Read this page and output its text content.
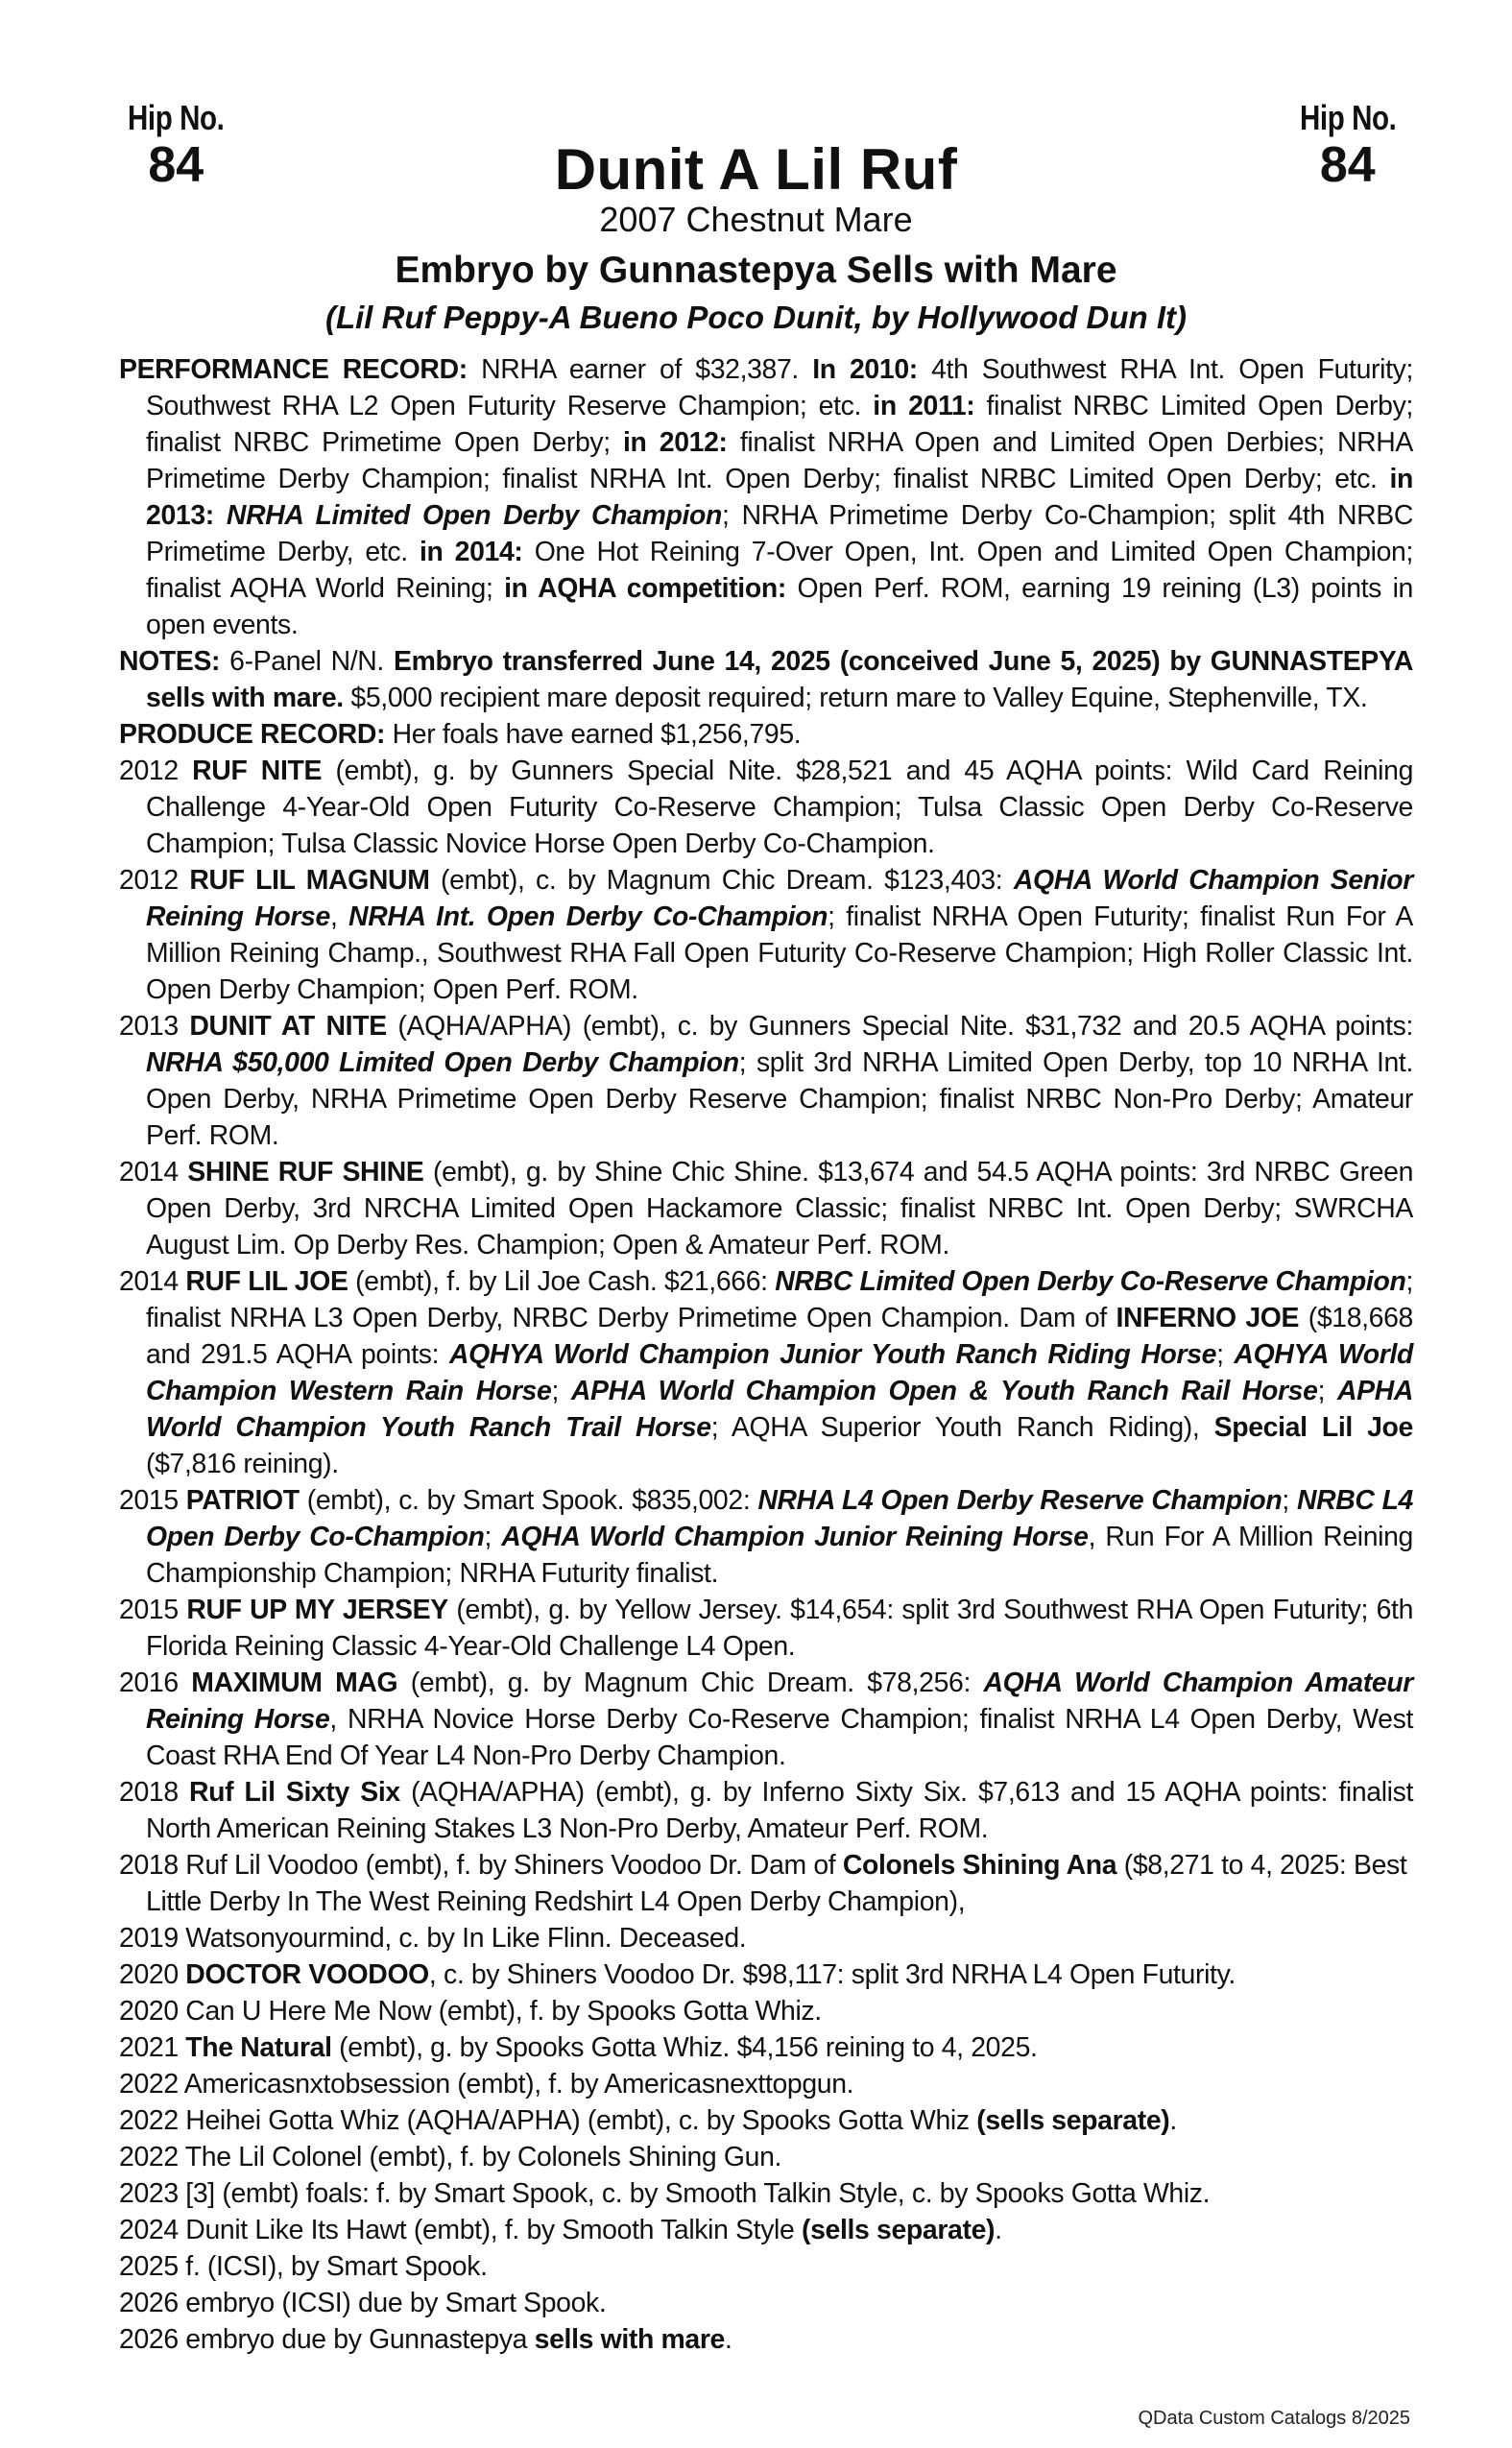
Hip No.
84
Hip No.
84
Dunit A Lil Ruf
2007 Chestnut Mare
Embryo by Gunnastepya Sells with Mare
(Lil Ruf Peppy-A Bueno Poco Dunit, by Hollywood Dun It)

PERFORMANCE RECORD: NRHA earner of $32,387. In 2010: 4th Southwest RHA Int. Open Futurity; Southwest RHA L2 Open Futurity Reserve Champion; etc. in 2011: finalist NRBC Limited Open Derby; finalist NRBC Primetime Open Derby; in 2012: finalist NRHA Open and Limited Open Derbies; NRHA Primetime Derby Champion; finalist NRHA Int. Open Derby; finalist NRBC Limited Open Derby; etc. in 2013: NRHA Limited Open Derby Champion; NRHA Primetime Derby Co-Champion; split 4th NRBC Primetime Derby, etc. in 2014: One Hot Reining 7-Over Open, Int. Open and Limited Open Champion; finalist AQHA World Reining; in AQHA competition: Open Perf. ROM, earning 19 reining (L3) points in open events.

NOTES: 6-Panel N/N. Embryo transferred June 14, 2025 (conceived June 5, 2025) by GUNNASTEPYA sells with mare. $5,000 recipient mare deposit required; return mare to Valley Equine, Stephenville, TX.

PRODUCE RECORD: Her foals have earned $1,256,795.

2012 RUF NITE (embt), g. by Gunners Special Nite. $28,521 and 45 AQHA points: Wild Card Reining Challenge 4-Year-Old Open Futurity Co-Reserve Champion; Tulsa Classic Open Derby Co-Reserve Champion; Tulsa Classic Novice Horse Open Derby Co-Champion.

2012 RUF LIL MAGNUM (embt), c. by Magnum Chic Dream. $123,403: AQHA World Champion Senior Reining Horse, NRHA Int. Open Derby Co-Champion; finalist NRHA Open Futurity; finalist Run For A Million Reining Champ., Southwest RHA Fall Open Futurity Co-Reserve Champion; High Roller Classic Int. Open Derby Champion; Open Perf. ROM.

2013 DUNIT AT NITE (AQHA/APHA) (embt), c. by Gunners Special Nite. $31,732 and 20.5 AQHA points: NRHA $50,000 Limited Open Derby Champion; split 3rd NRHA Limited Open Derby, top 10 NRHA Int. Open Derby, NRHA Primetime Open Derby Reserve Champion; finalist NRBC Non-Pro Derby; Amateur Perf. ROM.

2014 SHINE RUF SHINE (embt), g. by Shine Chic Shine. $13,674 and 54.5 AQHA points: 3rd NRBC Green Open Derby, 3rd NRCHA Limited Open Hackamore Classic; finalist NRBC Int. Open Derby; SWRCHA August Lim. Op Derby Res. Champion; Open & Amateur Perf. ROM.

2014 RUF LIL JOE (embt), f. by Lil Joe Cash. $21,666: NRBC Limited Open Derby Co-Reserve Champion; finalist NRHA L3 Open Derby, NRBC Derby Primetime Open Champion. Dam of INFERNO JOE ($18,668 and 291.5 AQHA points: AQHYA World Champion Junior Youth Ranch Riding Horse; AQHYA World Champion Western Rain Horse; APHA World Champion Open & Youth Ranch Rail Horse; APHA World Champion Youth Ranch Trail Horse; AQHA Superior Youth Ranch Riding), Special Lil Joe ($7,816 reining).

2015 PATRIOT (embt), c. by Smart Spook. $835,002: NRHA L4 Open Derby Reserve Champion; NRBC L4 Open Derby Co-Champion; AQHA World Champion Junior Reining Horse, Run For A Million Reining Championship Champion; NRHA Futurity finalist.

2015 RUF UP MY JERSEY (embt), g. by Yellow Jersey. $14,654: split 3rd Southwest RHA Open Futurity; 6th Florida Reining Classic 4-Year-Old Challenge L4 Open.

2016 MAXIMUM MAG (embt), g. by Magnum Chic Dream. $78,256: AQHA World Champion Amateur Reining Horse, NRHA Novice Horse Derby Co-Reserve Champion; finalist NRHA L4 Open Derby, West Coast RHA End Of Year L4 Non-Pro Derby Champion.

2018 Ruf Lil Sixty Six (AQHA/APHA) (embt), g. by Inferno Sixty Six. $7,613 and 15 AQHA points: finalist North American Reining Stakes L3 Non-Pro Derby, Amateur Perf. ROM.

2018 Ruf Lil Voodoo (embt), f. by Shiners Voodoo Dr. Dam of Colonels Shining Ana ($8,271 to 4, 2025: Best Little Derby In The West Reining Redshirt L4 Open Derby Champion),

2019 Watsonyourmind, c. by In Like Flinn. Deceased.

2020 DOCTOR VOODOO, c. by Shiners Voodoo Dr. $98,117: split 3rd NRHA L4 Open Futurity.

2020 Can U Here Me Now (embt), f. by Spooks Gotta Whiz.

2021 The Natural (embt), g. by Spooks Gotta Whiz. $4,156 reining to 4, 2025.

2022 Americasnxtobsession (embt), f. by Americasnexttopgun.

2022 Heihei Gotta Whiz (AQHA/APHA) (embt), c. by Spooks Gotta Whiz (sells separate).

2022 The Lil Colonel (embt), f. by Colonels Shining Gun.

2023 [3] (embt) foals: f. by Smart Spook, c. by Smooth Talkin Style, c. by Spooks Gotta Whiz.

2024 Dunit Like Its Hawt (embt), f. by Smooth Talkin Style (sells separate).

2025 f. (ICSI), by Smart Spook.

2026 embryo (ICSI) due by Smart Spook.

2026 embryo due by Gunnastepya sells with mare.

QData Custom Catalogs 8/2025
